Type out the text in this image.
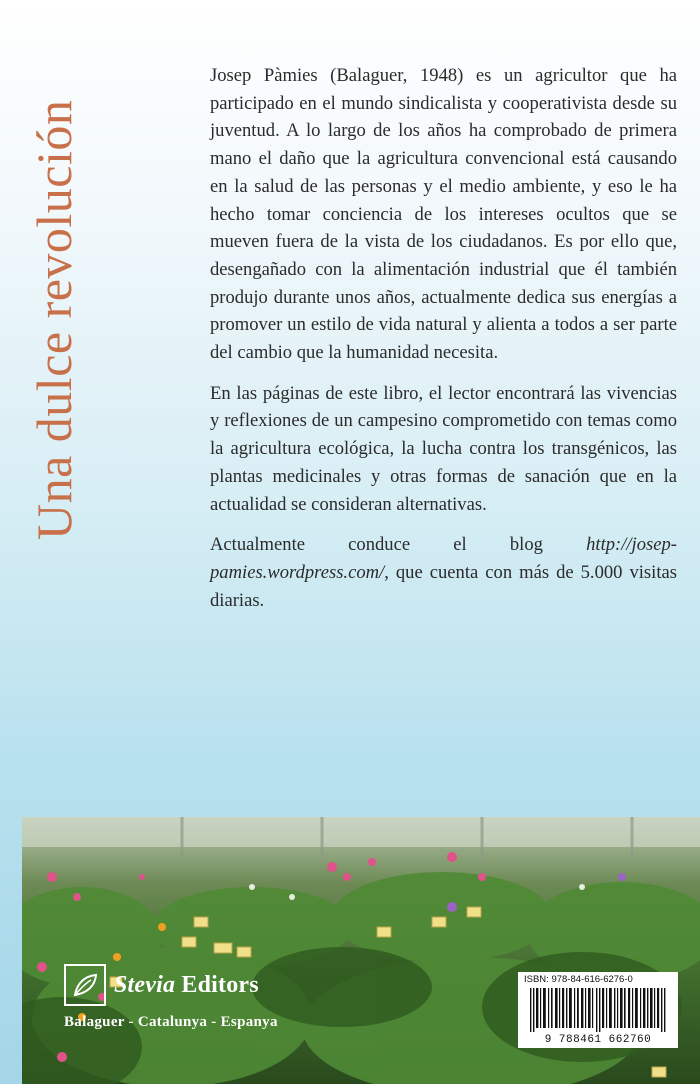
Una dulce revolución

Josep Pàmies (Balaguer, 1948) es un agricultor que ha participado en el mundo sindicalista y cooperativista desde su juventud. A lo largo de los años ha comprobado de primera mano el daño que la agricultura convencional está causando en la salud de las personas y el medio ambiente, y eso le ha hecho tomar conciencia de los intereses ocultos que se mueven fuera de la vista de los ciudadanos. Es por ello que, desengañado con la alimentación industrial que él también produjo durante unos años, actualmente dedica sus energías a promover un estilo de vida natural y alienta a todos a ser parte del cambio que la humanidad necesita.

En las páginas de este libro, el lector encontrará las vivencias y reflexiones de un campesino comprometido con temas como la agricultura ecológica, la lucha contra los transgénicos, las plantas medicinales y otras formas de sanación que en la actualidad se consideran alternativas.

Actualmente conduce el blog http://josep-pamies.wordpress.com/, que cuenta con más de 5.000 visitas diarias.

Stevia Editors
Balaguer - Catalunya - Espanya
ISBN: 978-84-616-6276-0
9 788461 662760
